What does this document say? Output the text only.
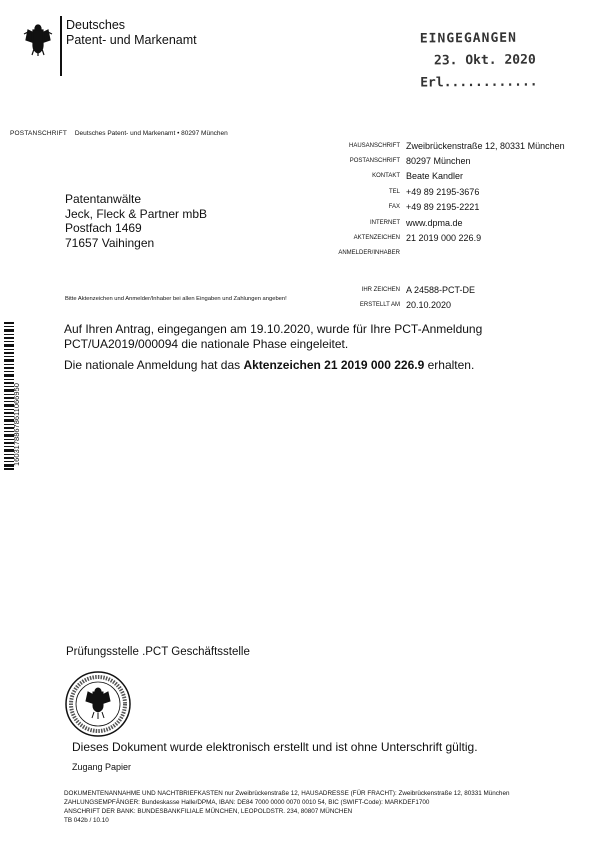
Deutsches
Patent- und Markenamt	EINGEGANGEN
23. Okt. 2020
Erl............
POSTANSCHRIFT Deutsches Patent- und Markenamt • 80297 München
HAUSANSCHRIFT Zweibrückenstraße 12, 80331 München
POSTANSCHRIFT 80297 München
KONTAKT Beate Kandler
TEL +49 89 2195-3676
FAX +49 89 2195-2221
INTERNET www.dpma.de
AKTENZEICHEN 21 2019 000 226.9
ANMELDER/INHABER
IHR ZEICHEN A 24588-PCT-DE
ERSTELLT AM 20.10.2020
Patentanwälte
Jeck, Fleck & Partner mbB
Postfach 1469
71657 Vaihingen
Bitte Aktenzeichen und Anmelder/Inhaber bei allen Eingaben und Zahlungen angeben!
16031788678611066950

Auf Ihren Antrag, eingegangen am 19.10.2020, wurde für Ihre PCT-Anmeldung PCT/UA2019/000094 die nationale Phase eingeleitet.

Die nationale Anmeldung hat das Aktenzeichen 21 2019 000 226.9 erhalten.

Prüfungsstelle .PCT Geschäftsstelle
Dieses Dokument wurde elektronisch erstellt und ist ohne Unterschrift gültig.
Zugang Papier
DOKUMENTENANNAHME UND NACHTBRIEFKASTEN nur Zweibrückenstraße 12, HAUSADRESSE (FÜR FRACHT): Zweibrückenstraße 12, 80331 München
ZAHLUNGSEMPFÄNGER: Bundeskasse Halle/DPMA, IBAN: DE84 7000 0000 0070 0010 54, BIC (SWIFT-Code): MARKDEF1700
ANSCHRIFT DER BANK: BUNDESBANKFILIALE MÜNCHEN, LEOPOLDSTR. 234, 80807 MÜNCHEN
TB 042b / 10.10
